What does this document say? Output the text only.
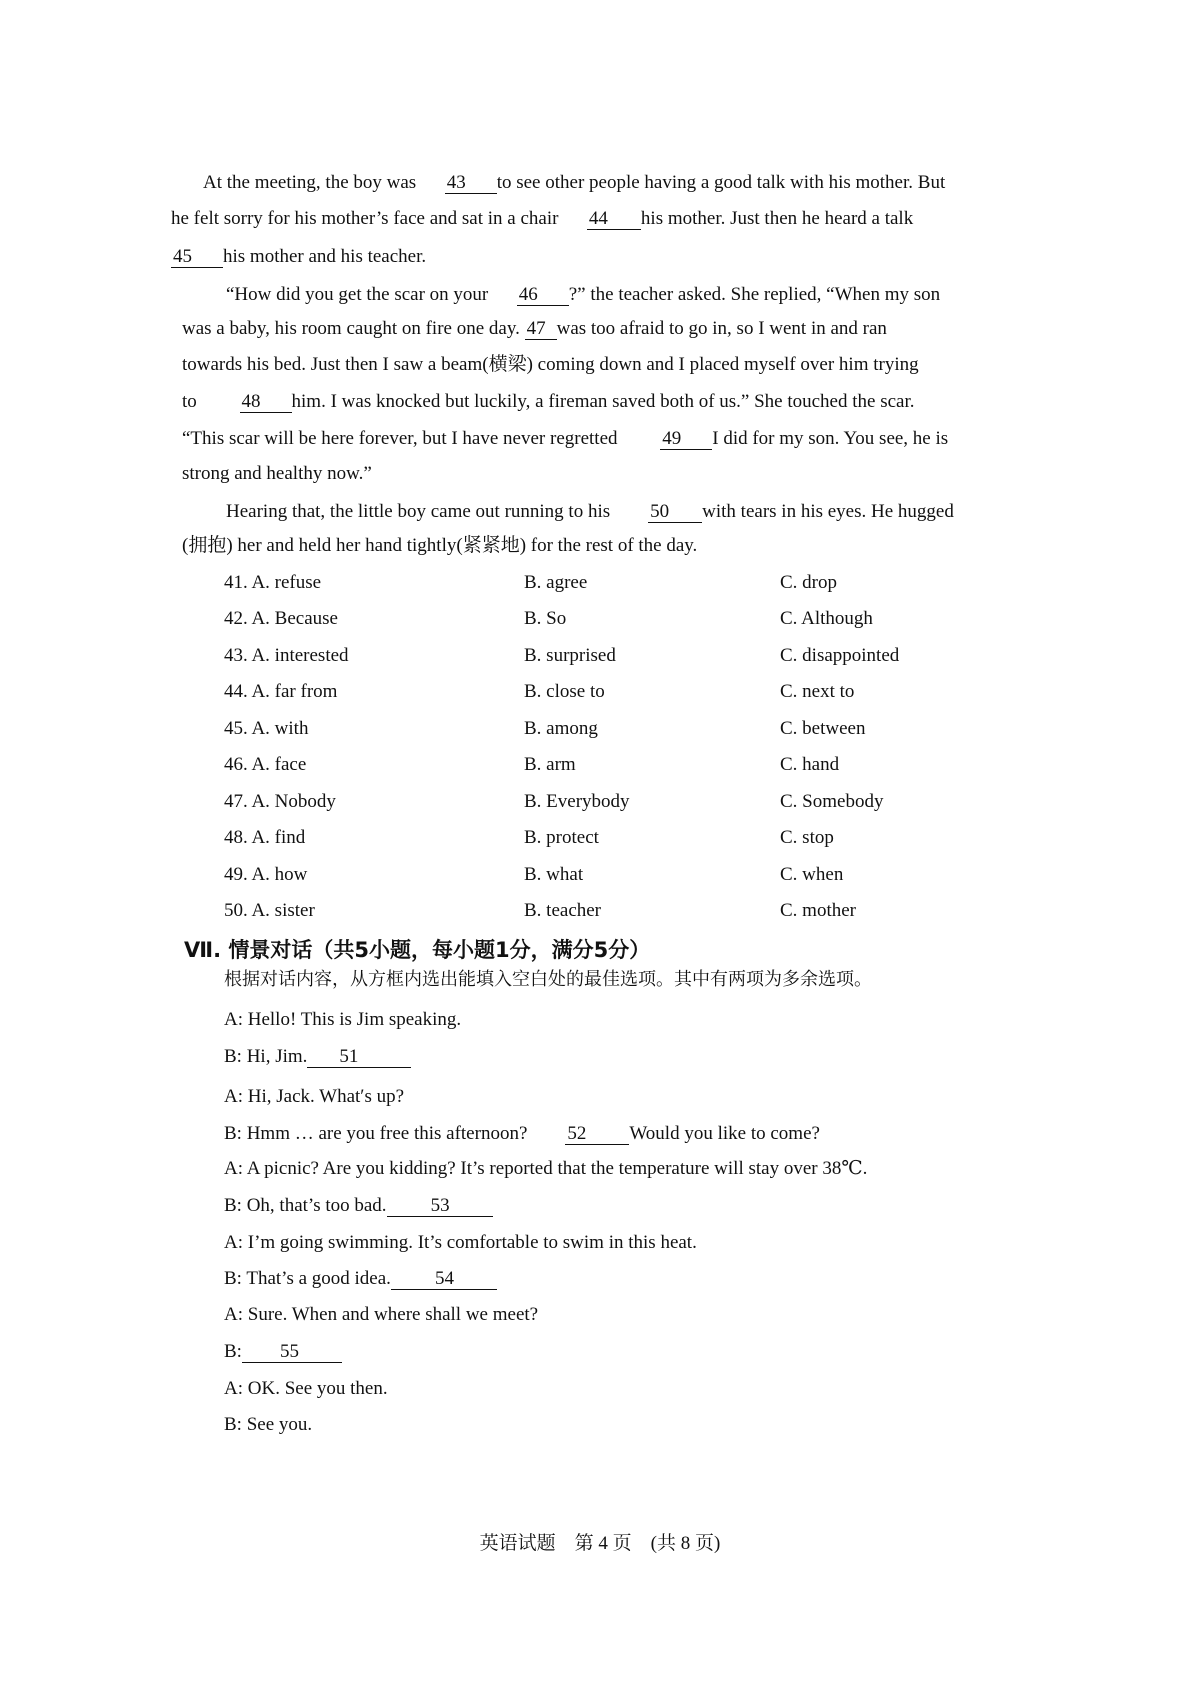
At the meeting, the boy was 43 to see other people having a good talk with his mother. But
he felt sorry for his mother’s face and sat in a chair 44 his mother. Just then he heard a talk
45 his mother and his teacher.
“How did you get the scar on your 46 ?” the teacher asked. She replied, “When my son
was a baby, his room caught on fire one day. 47 was too afraid to go in, so I went in and ran
towards his bed. Just then I saw a beam(横梁) coming down and I placed myself over him trying
to 48 him. I was knocked but luckily, a fireman saved both of us.” She touched the scar.
“This scar will be here forever, but I have never regretted 49 I did for my son. You see, he is
strong and healthy now.”
Hearing that, the little boy came out running to his 50 with tears in his eyes. He hugged
(拥抱) her and held her hand tightly(紧紧地) for the rest of the day.
41. A. refuse	B. agree	C. drop
42. A. Because	B. So	C. Although
43. A. interested	B. surprised	C. disappointed
44. A. far from	B. close to	C. next to
45. A. with	B. among	C. between
46. A. face	B. arm	C. hand
47. A. Nobody	B. Everybody	C. Somebody
48. A. find	B. protect	C. stop
49. A. how	B. what	C. when
50. A. sister	B. teacher	C. mother
Ⅶ. 情景对话（共5小题，每小题1分，满分5分）
根据对话内容，从方框内选出能填入空白处的最佳选项。其中有两项为多余选项。
A: Hello! This is Jim speaking.
B: Hi, Jim. 51
A: Hi, Jack. What′s up?
B: Hmm … are you free this afternoon? 52 Would you like to come?
A: A picnic? Are you kidding? It’s reported that the temperature will stay over 38℃.
B: Oh, that’s too bad. 53
A: I’m going swimming. It’s comfortable to swim in this heat.
B: That’s a good idea. 54
A: Sure. When and where shall we meet?
B: 55
A: OK. See you then.
B: See you.
英语试题　第 4 页　(共 8 页)
